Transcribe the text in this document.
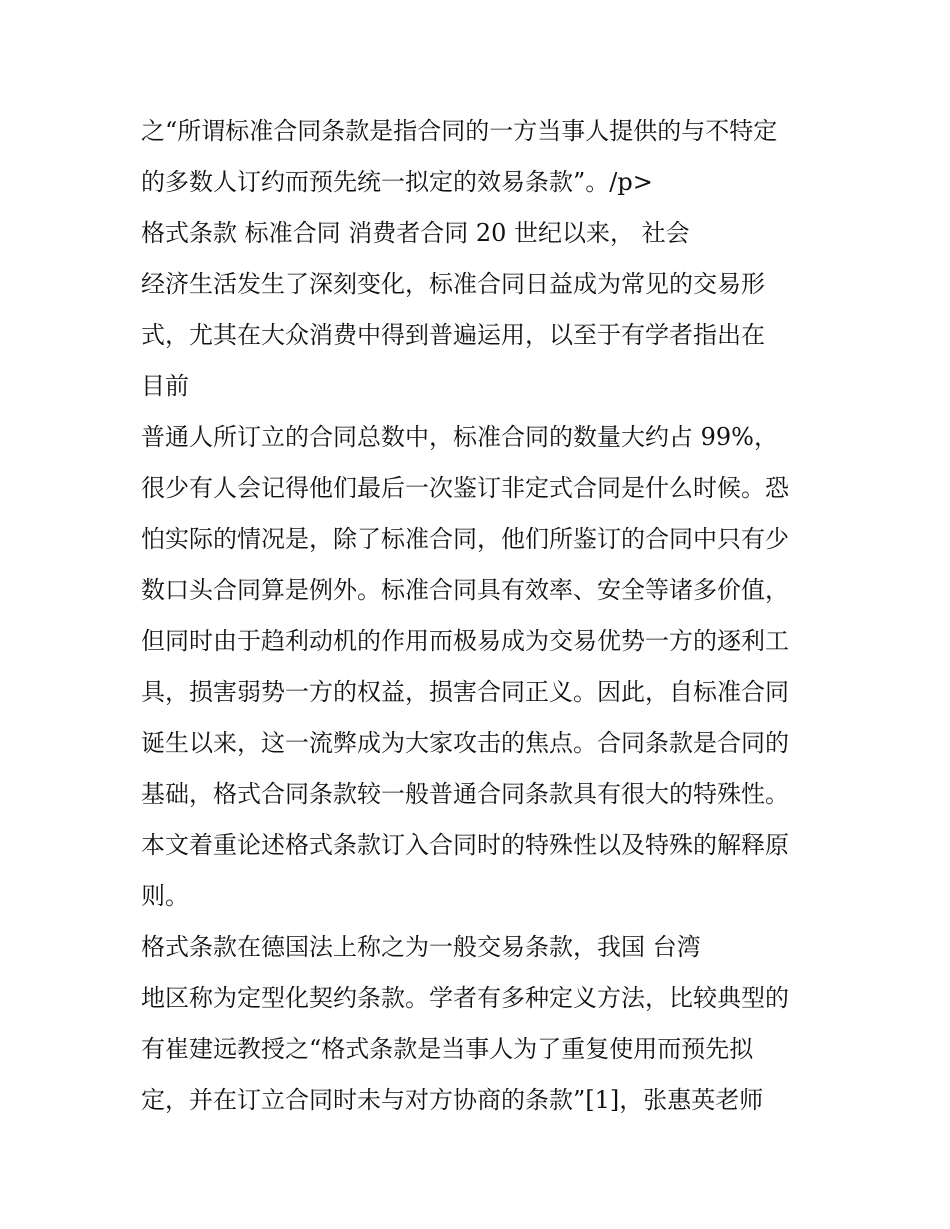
之“所谓标准合同条款是指合同的一方当事人提供的与不特定
的多数人订约而预先统一拟定的效易条款”。/p>
格式条款 标准合同 消费者合同 20 世纪以来， 社会
经济生活发生了深刻变化，标准合同日益成为常见的交易形
式，尤其在大众消费中得到普遍运用，以至于有学者指出在
目前
普通人所订立的合同总数中，标准合同的数量大约占 99%，
很少有人会记得他们最后一次鉴订非定式合同是什么时候。恐
怕实际的情况是，除了标准合同，他们所鉴订的合同中只有少
数口头合同算是例外。标准合同具有效率、安全等诸多价值，
但同时由于趋利动机的作用而极易成为交易优势一方的逐利工
具，损害弱势一方的权益，损害合同正义。因此，自标准合同
诞生以来，这一流弊成为大家攻击的焦点。合同条款是合同的
基础，格式合同条款较一般普通合同条款具有很大的特殊性。
本文着重论述格式条款订入合同时的特殊性以及特殊的解释原
则。
格式条款在德国法上称之为一般交易条款，我国 台湾
地区称为定型化契约条款。学者有多种定义方法，比较典型的
有崔建远教授之“格式条款是当事人为了重复使用而预先拟
定，并在订立合同时未与对方协商的条款”[1]，张惠英老师
